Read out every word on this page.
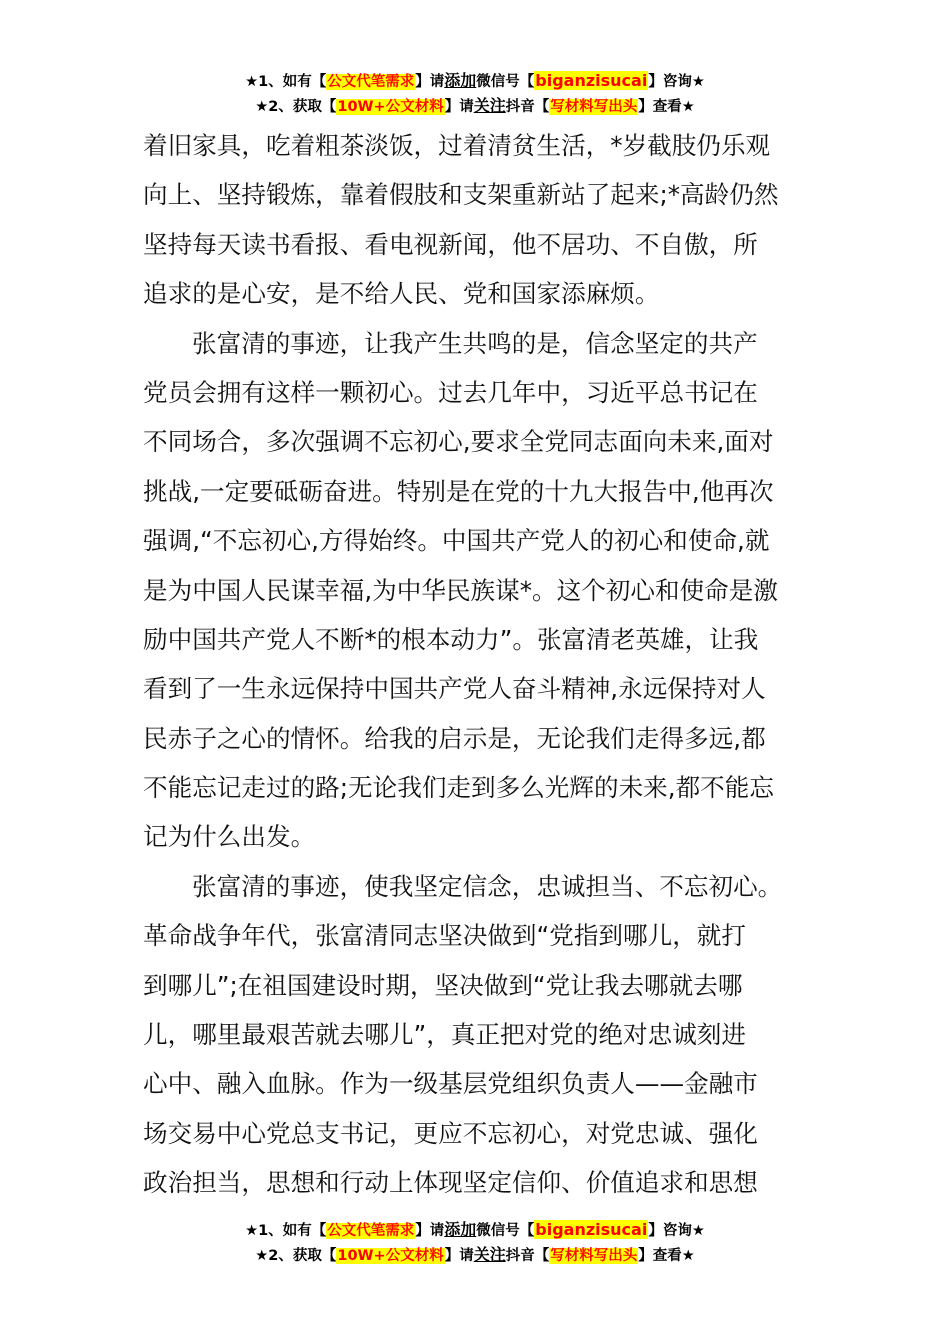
★1、如有【公文代笔需求】请添加微信号【biganzisucai】咨询★
★2、获取【10W+公文材料】请关注抖音【写材料写出头】查看★
着旧家具，吃着粗茶淡饭，过着清贫生活，*岁截肢仍乐观
向上、坚持锻炼，靠着假肢和支架重新站了起来;*高龄仍然
坚持每天读书看报、看电视新闻，他不居功、不自傲，所
追求的是心安，是不给人民、党和国家添麻烦。
张富清的事迹，让我产生共鸣的是，信念坚定的共产
党员会拥有这样一颗初心。过去几年中，习近平总书记在
不同场合，多次强调不忘初心,要求全党同志面向未来,面对
挑战,一定要砥砺奋进。特别是在党的十九大报告中,他再次
强调,“不忘初心,方得始终。中国共产党人的初心和使命,就
是为中国人民谋幸福,为中华民族谋*。这个初心和使命是激
励中国共产党人不断*的根本动力”。张富清老英雄，让我
看到了一生永远保持中国共产党人奋斗精神,永远保持对人
民赤子之心的情怀。给我的启示是，无论我们走得多远,都
不能忘记走过的路;无论我们走到多么光辉的未来,都不能忘
记为什么出发。
张富清的事迹，使我坚定信念，忠诚担当、不忘初心。
革命战争年代，张富清同志坚决做到“党指到哪儿，就打
到哪儿”;在祖国建设时期，坚决做到“党让我去哪就去哪
儿，哪里最艰苦就去哪儿”，真正把对党的绝对忠诚刻进
心中、融入血脉。作为一级基层党组织负责人——金融市
场交易中心党总支书记，更应不忘初心，对党忠诚、强化
政治担当，思想和行动上体现坚定信仰、价值追求和思想
★1、如有【公文代笔需求】请添加微信号【biganzisucai】咨询★
★2、获取【10W+公文材料】请关注抖音【写材料写出头】查看★
